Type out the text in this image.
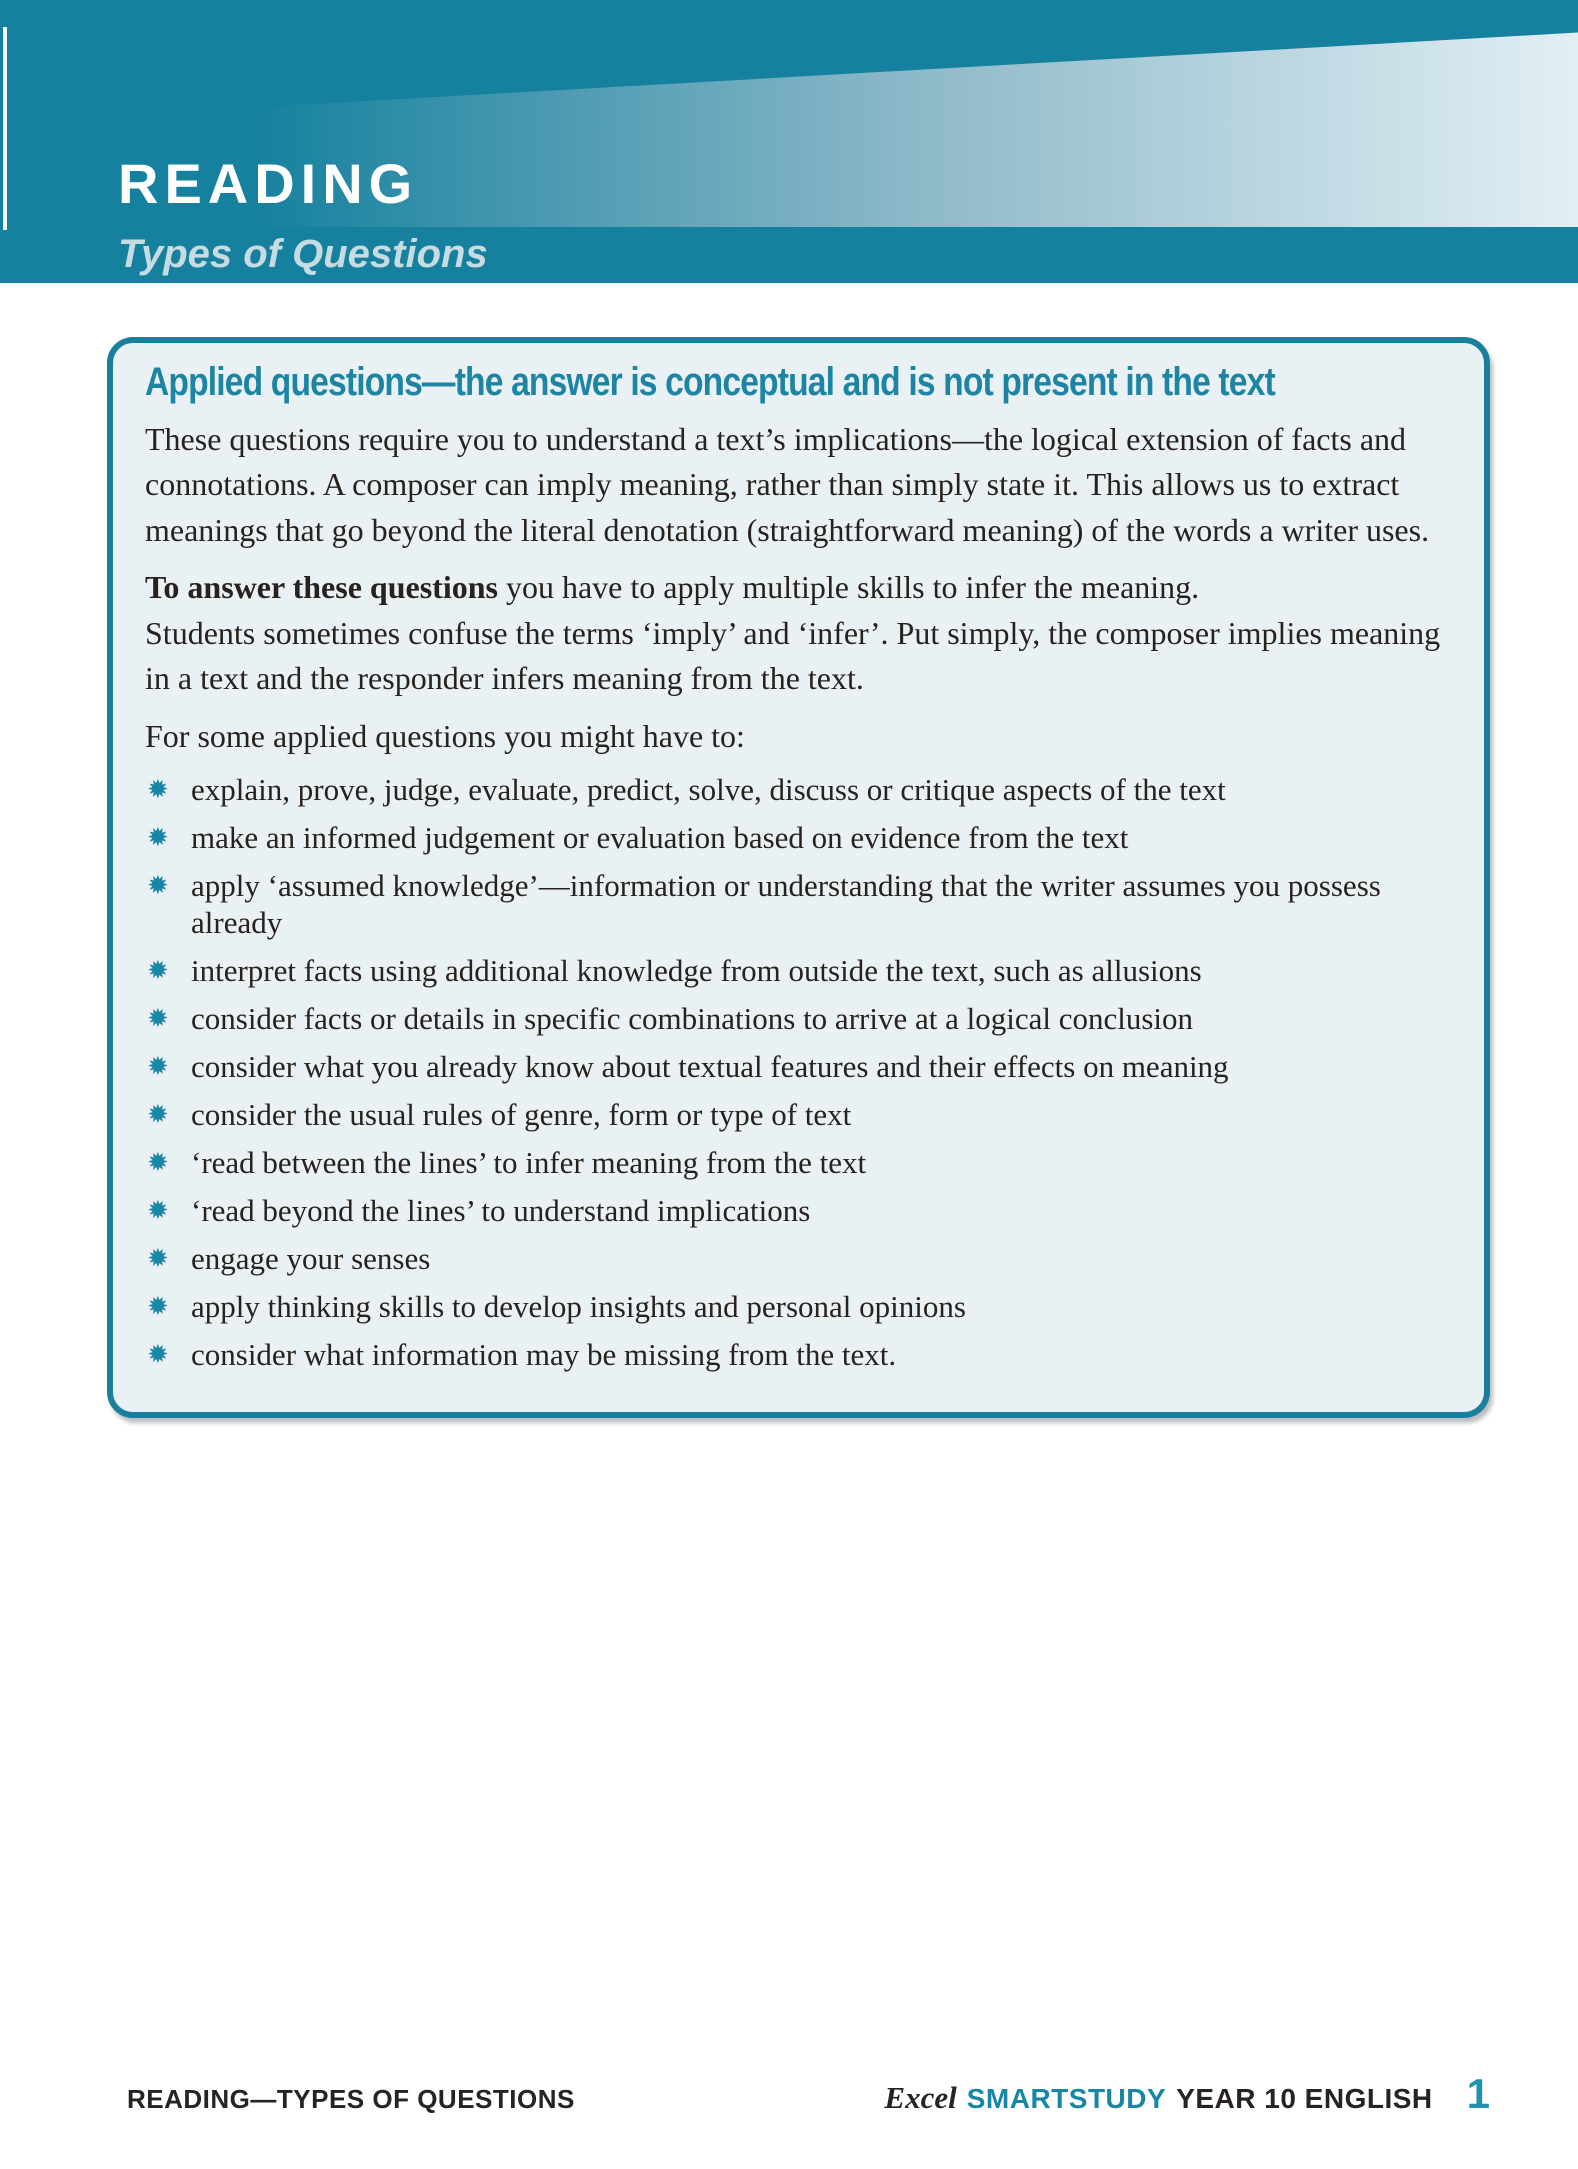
READING
Types of Questions
Applied questions—the answer is conceptual and is not present in the text

These questions require you to understand a text’s implications—the logical extension of facts and connotations. A composer can imply meaning, rather than simply state it. This allows us to extract meanings that go beyond the literal denotation (straightforward meaning) of the words a writer uses.

To answer these questions you have to apply multiple skills to infer the meaning.

Students sometimes confuse the terms ‘imply’ and ‘infer’. Put simply, the composer implies meaning in a text and the responder infers meaning from the text.

For some applied questions you might have to:

✹ explain, prove, judge, evaluate, predict, solve, discuss or critique aspects of the text
✹ make an informed judgement or evaluation based on evidence from the text
✹ apply ‘assumed knowledge’—information or understanding that the writer assumes you possess already
✹ interpret facts using additional knowledge from outside the text, such as allusions
✹ consider facts or details in specific combinations to arrive at a logical conclusion
✹ consider what you already know about textual features and their effects on meaning
✹ consider the usual rules of genre, form or type of text
✹ ‘read between the lines’ to infer meaning from the text
✹ ‘read beyond the lines’ to understand implications
✹ engage your senses
✹ apply thinking skills to develop insights and personal opinions
✹ consider what information may be missing from the text.
READING—TYPES OF QUESTIONS	Excel SMARTSTUDY YEAR 10 ENGLISH 1
